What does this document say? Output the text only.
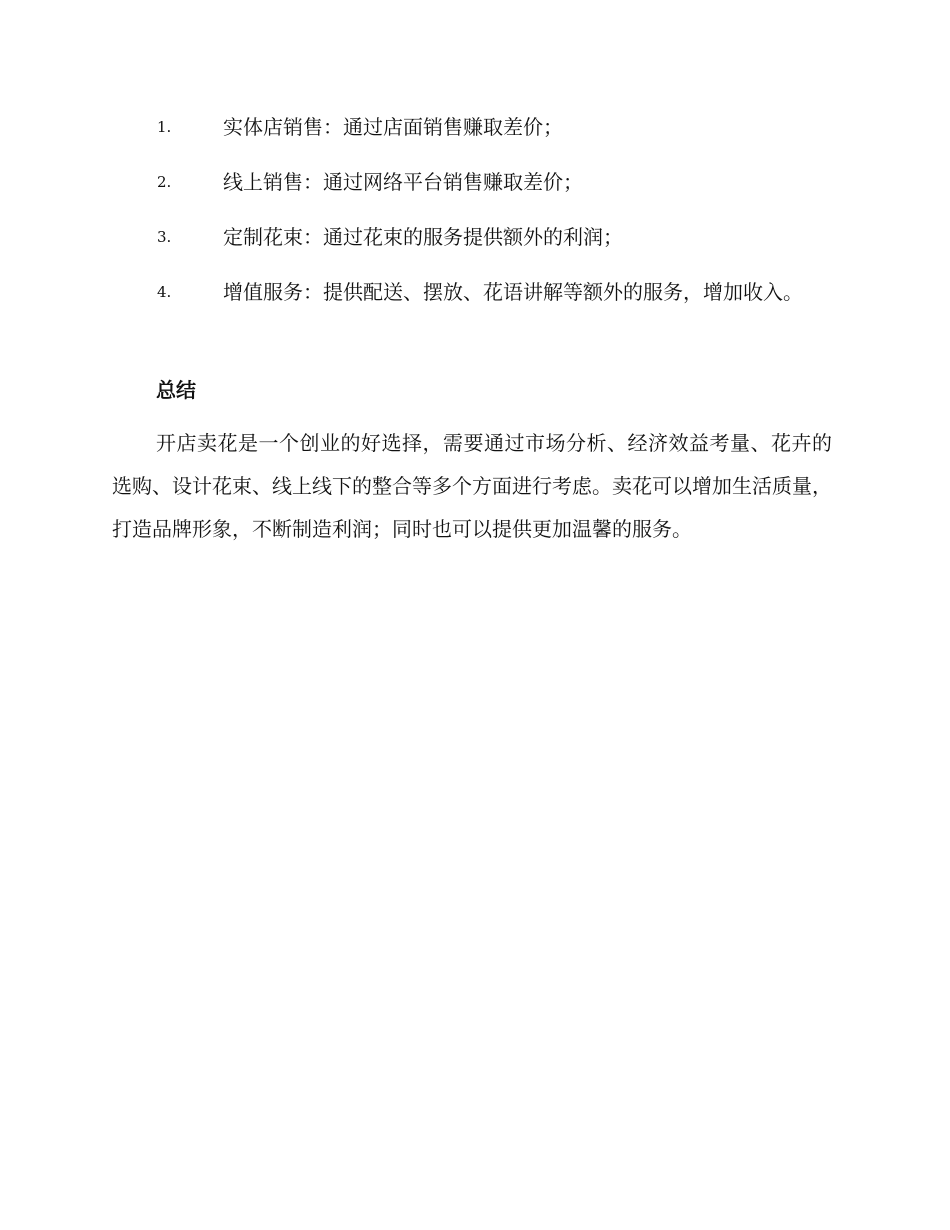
1.	实体店销售：通过店面销售赚取差价；
2.	线上销售：通过网络平台销售赚取差价；
3.	定制花束：通过花束的服务提供额外的利润；
4.	增值服务：提供配送、摆放、花语讲解等额外的服务，增加收入。
总结
开店卖花是一个创业的好选择，需要通过市场分析、经济效益考量、花卉的选购、设计花束、线上线下的整合等多个方面进行考虑。卖花可以增加生活质量，打造品牌形象，不断制造利润；同时也可以提供更加温馨的服务。
